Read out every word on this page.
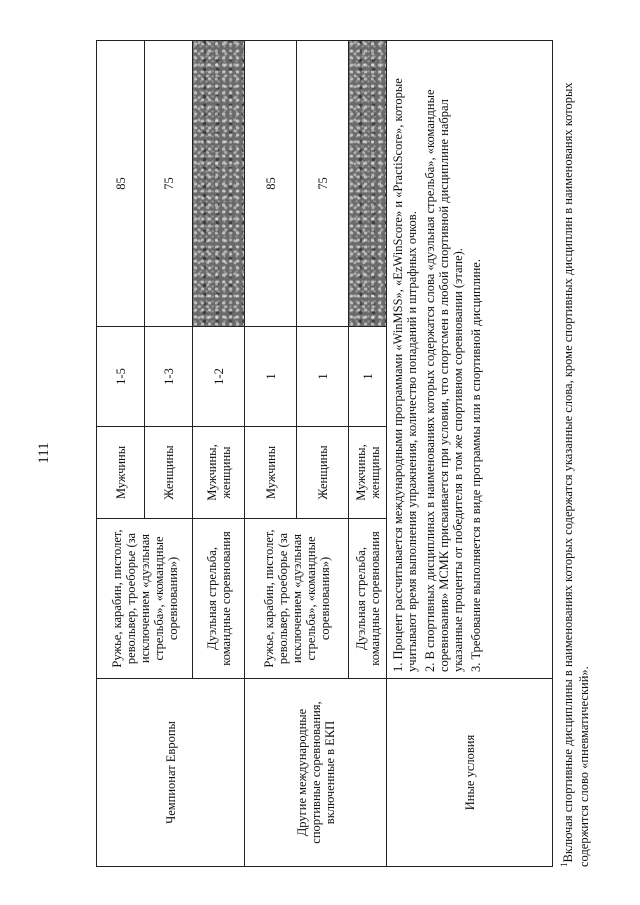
111
Чемпионат Европы	Ружье, карабин, пистолет, револьвер, троеборье (за исключением «дуэльная стрельба», «командные соревнования»)	Мужчины	1-5	85
		Женщины	1-3	75
	Дуэльная стрельба, командные соревнования	Мужчины, женщины	1-2	
Другие международные спортивные соревнования, включенные в ЕКП	Ружье, карабин, пистолет, револьвер, троеборье (за исключением «дуэльная стрельба», «командные соревнования»)	Мужчины	1	85
		Женщины	1	75
	Дуэльная стрельба, командные соревнования	Мужчины, женщины	1	
Иные условия	1. Процент рассчитывается международными программами «WinMSS», «EzWinScore» и «PractiScore», которые учитывают время выполнения упражнения, количество попаданий и штрафных очков. 2. В спортивных дисциплинах в наименованиях которых содержатся слова «дуэльная стрельба», «командные соревнования» МСМК присваивается при условии, что спортсмен в любой спортивной дисциплине набрал указанные проценты от победителя в том же спортивном соревновании (этапе). 3. Требование выполняется в виде программы или в спортивной дисциплине.			

$^1$Включая спортивные дисциплины в наименованиях которых содержатся указанные слова, кроме спортивных дисциплин в наименованях которых содержится слово «пневматический».
